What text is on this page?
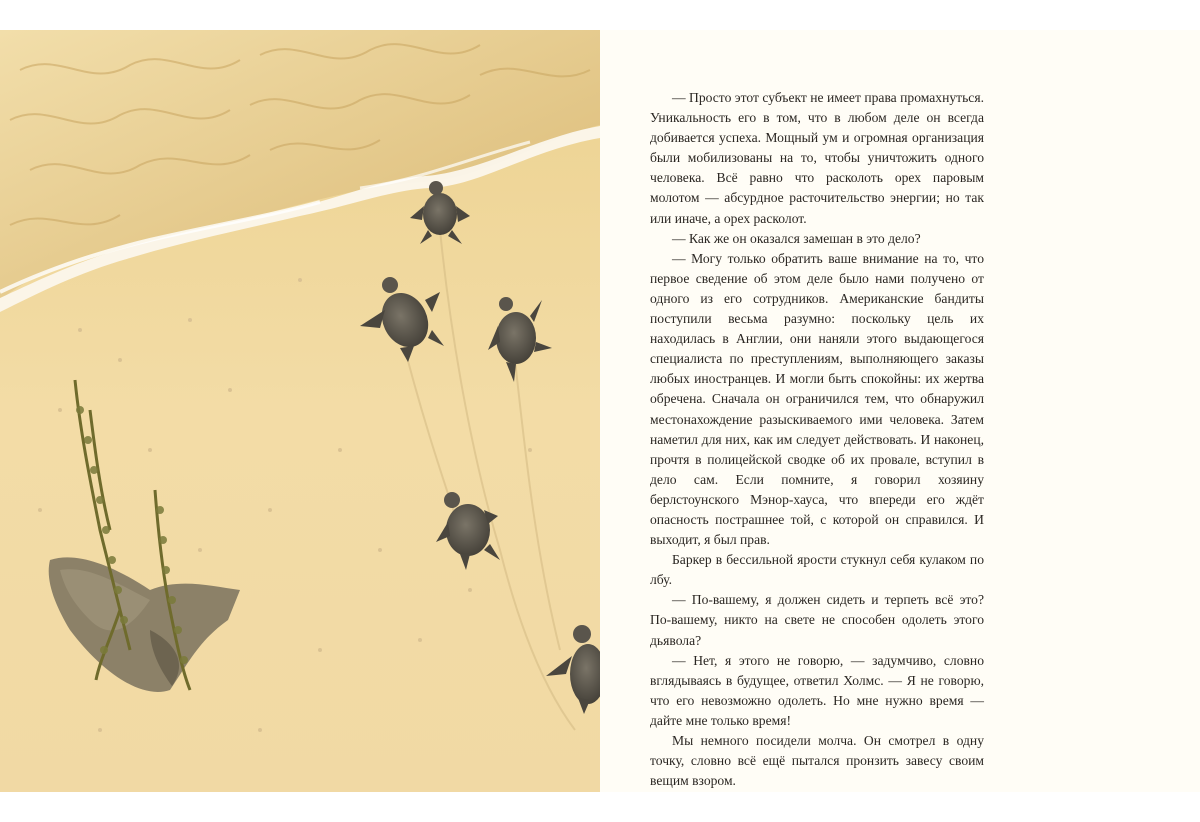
— Просто этот субъект не имеет права промахнуться. Уникальность его в том, что в любом деле он всегда добивается успеха. Мощный ум и огромная организация были мобилизованы на то, чтобы уничтожить одного человека. Всё равно что расколоть орех паровым молотом — абсурдное расточительство энергии; но так или иначе, а орех расколот.

— Как же он оказался замешан в это дело?

— Могу только обратить ваше внимание на то, что первое сведение об этом деле было нами получено от одного из его сотрудников. Американские бандиты поступили весьма разумно: поскольку цель их находилась в Англии, они наняли этого выдающегося специалиста по преступлениям, выполняющего заказы любых иностранцев. И могли быть спокойны: их жертва обречена. Сначала он ограничился тем, что обнаружил местонахождение разыскиваемого ими человека. Затем наметил для них, как им следует действовать. И наконец, прочтя в полицейской сводке об их провале, вступил в дело сам. Если помните, я говорил хозяину берлстоунского Мэнор-хауса, что впереди его ждёт опасность пострашнее той, с которой он справился. И выходит, я был прав.

Баркер в бессильной ярости стукнул себя кулаком по лбу.

— По-вашему, я должен сидеть и терпеть всё это? По-вашему, никто на свете не способен одолеть этого дьявола?

— Нет, я этого не говорю, — задумчиво, словно вглядываясь в будущее, ответил Холмс. — Я не говорю, что его невозможно одолеть. Но мне нужно время — дайте мне только время!

Мы немного посидели молча. Он смотрел в одну точку, словно всё ещё пытался пронзить завесу своим вещим взором.
